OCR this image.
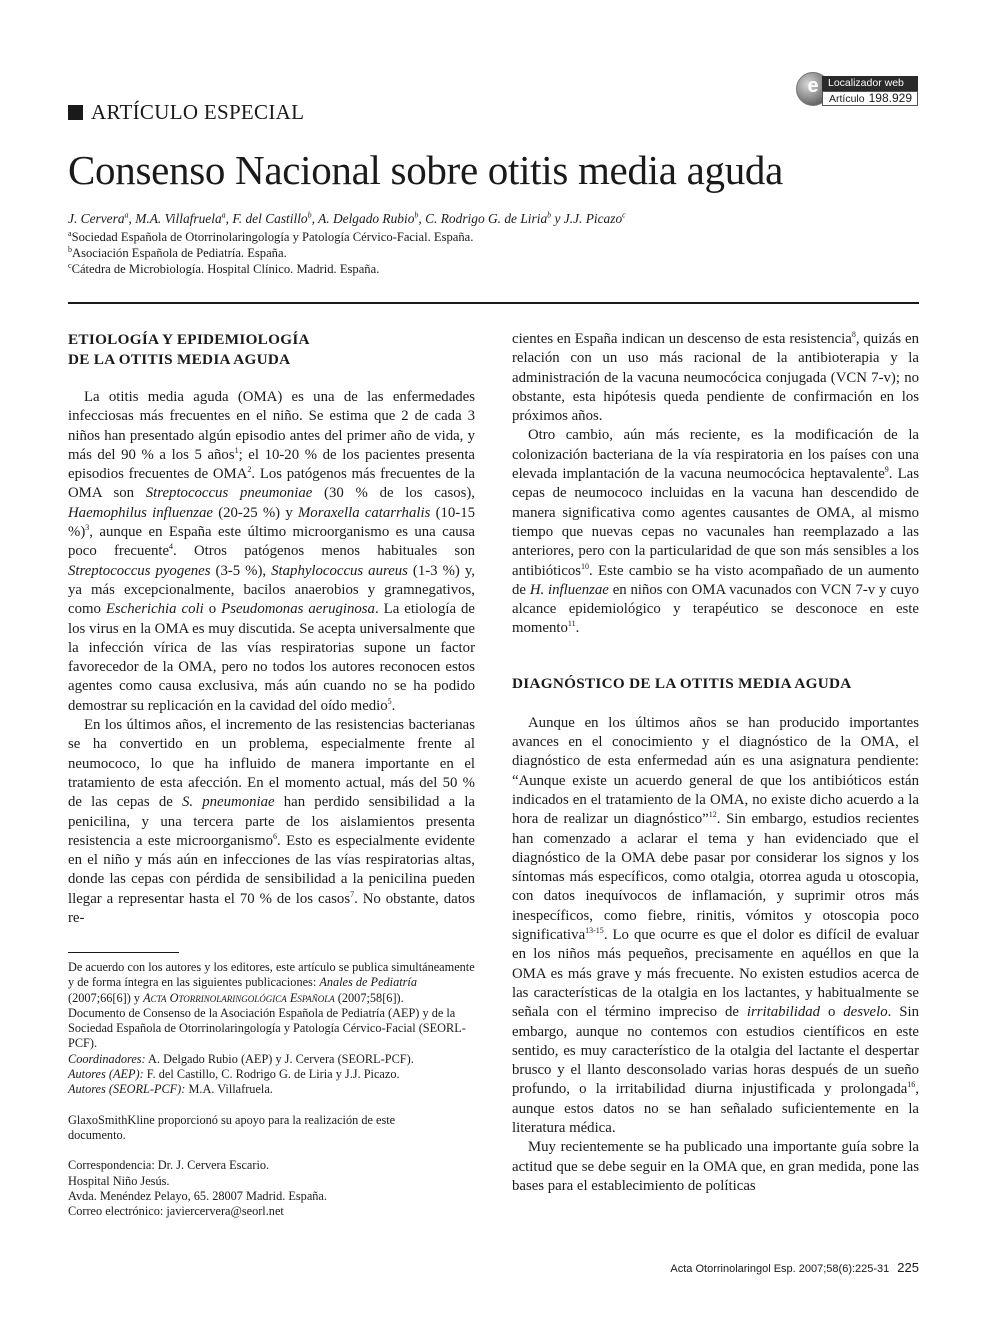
ARTÍCULO ESPECIAL
e Localizador web
Artículo 198.929
Consenso Nacional sobre otitis media aguda
J. Cervera$^a$, M.A. Villafruela$^a$, F. del Castillo$^b$, A. Delgado Rubio$^b$, C. Rodrigo G. de Liria$^b$ y J.J. Picazo$^c$
$^a$Sociedad Española de Otorrinolaringología y Patología Cérvico-Facial. España.
$^b$Asociación Española de Pediatría. España.
$^c$Cátedra de Microbiología. Hospital Clínico. Madrid. España.
ETIOLOGÍA Y EPIDEMIOLOGÍA
DE LA OTITIS MEDIA AGUDA

La otitis media aguda (OMA) es una de las enfermedades infecciosas más frecuentes en el niño. Se estima que 2 de cada 3 niños han presentado algún episodio antes del primer año de vida, y más del 90 % a los 5 años$^1$; el 10-20 % de los pacientes presenta episodios frecuentes de OMA$^2$. Los patógenos más frecuentes de la OMA son Streptococcus pneumoniae (30 % de los casos), Haemophilus influenzae (20-25 %) y Moraxella catarrhalis (10-15 %)$^3$, aunque en España este último microorganismo es una causa poco frecuente$^4$. Otros patógenos menos habituales son Streptococcus pyogenes (3-5 %), Staphylococcus aureus (1-3 %) y, ya más excepcionalmente, bacilos anaerobios y gramnegativos, como Escherichia coli o Pseudomonas aeruginosa. La etiología de los virus en la OMA es muy discutida. Se acepta universalmente que la infección vírica de las vías respiratorias supone un factor favorecedor de la OMA, pero no todos los autores reconocen estos agentes como causa exclusiva, más aún cuando no se ha podido demostrar su replicación en la cavidad del oído medio$^5$.

En los últimos años, el incremento de las resistencias bacterianas se ha convertido en un problema, especialmente frente al neumococo, lo que ha influido de manera importante en el tratamiento de esta afección. En el momento actual, más del 50 % de las cepas de S. pneumoniae han perdido sensibilidad a la penicilina, y una tercera parte de los aislamientos presenta resistencia a este microorganismo$^6$. Esto es especialmente evidente en el niño y más aún en infecciones de las vías respiratorias altas, donde las cepas con pérdida de sensibilidad a la penicilina pueden llegar a representar hasta el 70 % de los casos$^7$. No obstante, datos re-

De acuerdo con los autores y los editores, este artículo se publica simultáneamente y de forma íntegra en las siguientes publicaciones: Anales de Pediatría (2007;66[6]) y Acta Otorrinolaringológica Española (2007;58[6]).
Documento de Consenso de la Asociación Española de Pediatría (AEP) y de la Sociedad Española de Otorrinolaringología y Patología Cérvico-Facial (SEORL-PCF).
Coordinadores: A. Delgado Rubio (AEP) y J. Cervera (SEORL-PCF).
Autores (AEP): F. del Castillo, C. Rodrigo G. de Liria y J.J. Picazo.
Autores (SEORL-PCF): M.A. Villafruela.
GlaxoSmithKline proporcionó su apoyo para la realización de este documento.
Correspondencia: Dr. J. Cervera Escario.
Hospital Niño Jesús.
Avda. Menéndez Pelayo, 65. 28007 Madrid. España.
Correo electrónico: javiercervera@seorl.net

cientes en España indican un descenso de esta resistencia$^8$, quizás en relación con un uso más racional de la antibioterapia y la administración de la vacuna neumocócica conjugada (VCN 7-v); no obstante, esta hipótesis queda pendiente de confirmación en los próximos años.

Otro cambio, aún más reciente, es la modificación de la colonización bacteriana de la vía respiratoria en los países con una elevada implantación de la vacuna neumocócica heptavalente$^9$. Las cepas de neumococo incluidas en la vacuna han descendido de manera significativa como agentes causantes de OMA, al mismo tiempo que nuevas cepas no vacunales han reemplazado a las anteriores, pero con la particularidad de que son más sensibles a los antibióticos$^{10}$. Este cambio se ha visto acompañado de un aumento de H. influenzae en niños con OMA vacunados con VCN 7-v y cuyo alcance epidemiológico y terapéutico se desconoce en este momento$^{11}$.

DIAGNÓSTICO DE LA OTITIS MEDIA AGUDA

Aunque en los últimos años se han producido importantes avances en el conocimiento y el diagnóstico de la OMA, el diagnóstico de esta enfermedad aún es una asignatura pendiente: “Aunque existe un acuerdo general de que los antibióticos están indicados en el tratamiento de la OMA, no existe dicho acuerdo a la hora de realizar un diagnóstico”$^{12}$. Sin embargo, estudios recientes han comenzado a aclarar el tema y han evidenciado que el diagnóstico de la OMA debe pasar por considerar los signos y los síntomas más específicos, como otalgia, otorrea aguda u otoscopia, con datos inequívocos de inflamación, y suprimir otros más inespecíficos, como fiebre, rinitis, vómitos y otoscopia poco significativa$^{13-15}$. Lo que ocurre es que el dolor es difícil de evaluar en los niños más pequeños, precisamente en aquéllos en que la OMA es más grave y más frecuente. No existen estudios acerca de las características de la otalgia en los lactantes, y habitualmente se señala con el término impreciso de irritabilidad o desvelo. Sin embargo, aunque no contemos con estudios científicos en este sentido, es muy característico de la otalgia del lactante el despertar brusco y el llanto desconsolado varias horas después de un sueño profundo, o la irritabilidad diurna injustificada y prolongada$^{16}$, aunque estos datos no se han señalado suficientemente en la literatura médica.

Muy recientemente se ha publicado una importante guía sobre la actitud que se debe seguir en la OMA que, en gran medida, pone las bases para el establecimiento de políticas

Acta Otorrinolaringol Esp. 2007;58(6):225-31 225
